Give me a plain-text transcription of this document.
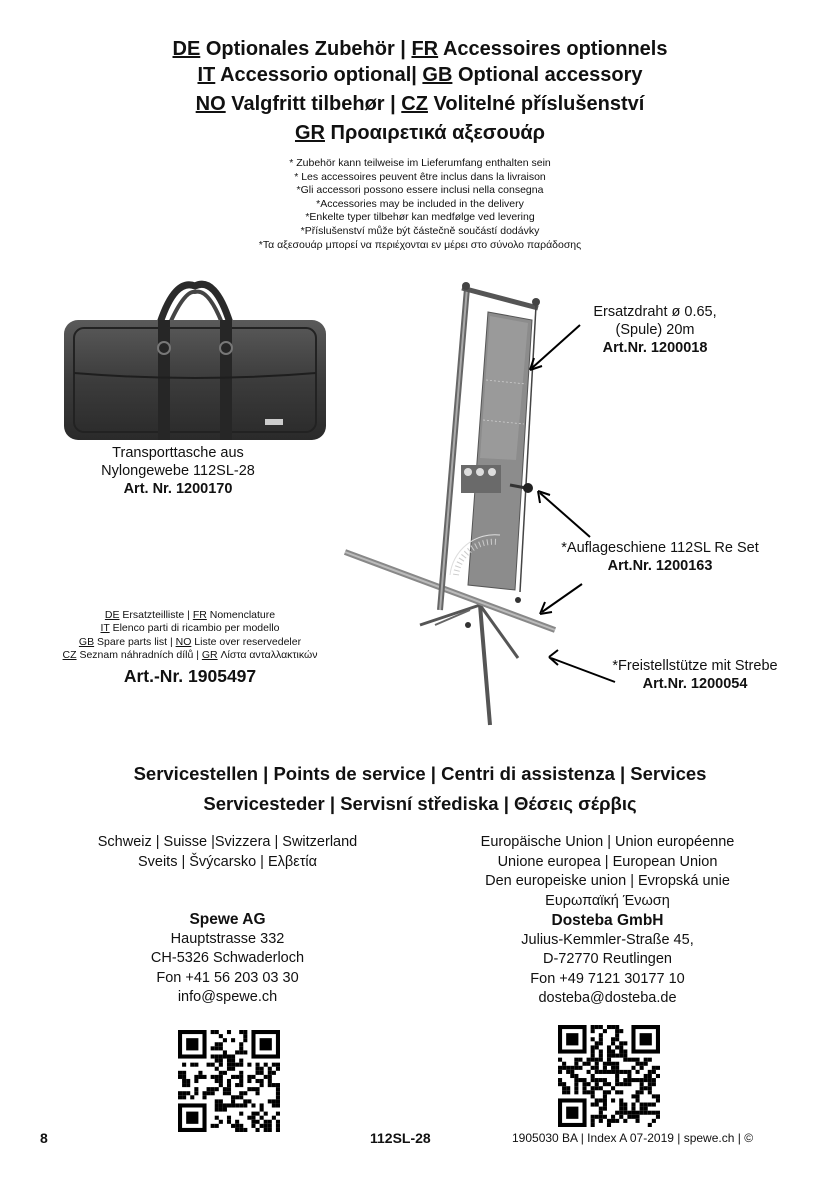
DE Optionales Zubehör | FR Accessoires optionnels
IT Accessorio optional| GB Optional accessory
NO Valgfritt tilbehør | CZ Volitelné příslušenství
GR Προαιρετικά αξεσουάρ
* Zubehör kann teilweise im Lieferumfang enthalten sein
* Les accessoires peuvent être inclus dans la livraison
*Gli accessori possono essere inclusi nella consegna
*Accessories may be included in the delivery
*Enkelte typer tilbehør kan medfølge ved levering
*Příslušenství může být částečně součástí dodávky
*Τα αξεσουάρ μπορεί να περιέχονται εν μέρει στο σύνολο παράδοσης
Transporttasche aus
Nylongewebe 112SL-28
Art. Nr. 1200170
Ersatzdraht ø 0.65,
(Spule) 20m
Art.Nr. 1200018
*Auflageschiene 112SL Re Set
Art.Nr. 1200163
*Freistellstütze mit Strebe
Art.Nr. 1200054
DE Ersatzteilliste | FR Nomenclature
IT Elenco parti di ricambio per modello
GB Spare parts list | NO Liste over reservedeler
CZ Seznam náhradních dílů | GR Λίστα ανταλλακτικών
Art.-Nr. 1905497
Servicestellen | Points de service | Centri di assistenza | Services
Servicesteder | Servisní střediska | Θέσεις σέρβις
Schweiz | Suisse |Svizzera | Switzerland
Sveits | Švýcarsko | Ελβετία
Spewe AG
Hauptstrasse 332
CH-5326 Schwaderloch
Fon +41 56 203 03 30
info@spewe.ch
Europäische Union | Union européenne
Unione europea | European Union
Den europeiske union | Evropská unie
Ευρωπαϊκή Ένωση
Dosteba GmbH
Julius-Kemmler-Straße 45,
D-72770 Reutlingen
Fon +49 7121 30177 10
dosteba@dosteba.de
8	112SL-28	1905030 BA | Index A 07-2019 | spewe.ch | ©
